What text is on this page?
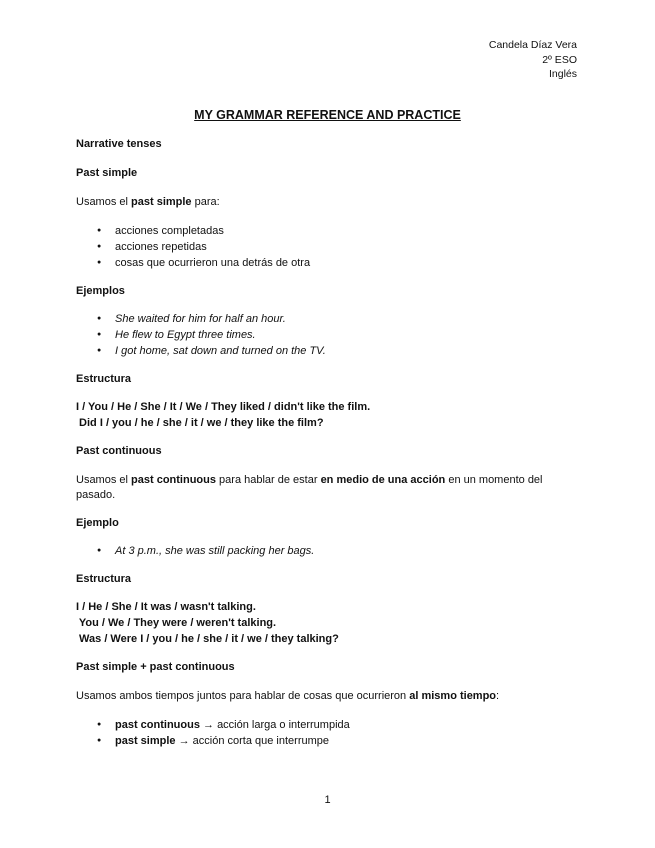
Candela Díaz Vera
2º ESO
Inglés
MY GRAMMAR REFERENCE AND PRACTICE

Narrative tenses

Past simple

Usamos el past simple para:

● acciones completadas
● acciones repetidas
● cosas que ocurrieron una detrás de otra

Ejemplos

● She waited for him for half an hour.
● He flew to Egypt three times.
● I got home, sat down and turned on the TV.

Estructura

I / You / He / She / It / We / They liked / didn't like the film.

Did I / you / he / she / it / we / they like the film?

Past continuous

Usamos el past continuous para hablar de estar en medio de una acción en un momento del pasado.

Ejemplo

● At 3 p.m., she was still packing her bags.

Estructura

I / He / She / It was / wasn't talking.

You / We / They were / weren't talking.

Was / Were I / you / he / she / it / we / they talking?

Past simple + past continuous

Usamos ambos tiempos juntos para hablar de cosas que ocurrieron al mismo tiempo:

● past continuous → acción larga o interrumpida
● past simple → acción corta que interrumpe
1
